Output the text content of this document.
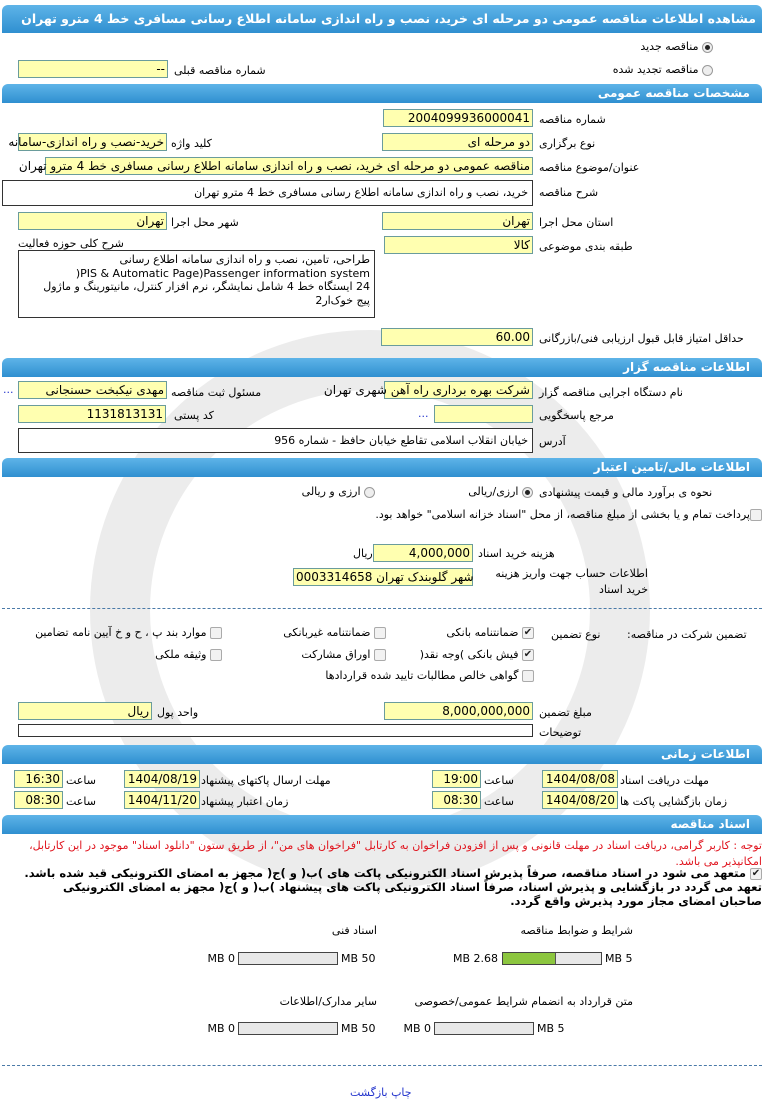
مشاهده اطلاعات مناقصه عمومی دو مرحله ای خرید، نصب و راه اندازی سامانه اطلاع رسانی مسافری خط 4 مترو تهران
مناقصه جدید
مناقصه تجدید شده
شماره مناقصه قبلی
--
مشخصات مناقصه عمومی
شماره مناقصه
2004099936000041
نوع برگزاری
دو مرحله ای
کلید واژه
خرید-نصب و راه اندازی-سامانه
عنوان/موضوع مناقصه
مناقصه عمومی دو مرحله ای خرید، نصب و راه اندازی سامانه اطلاع رسانی مسافری خط 4 مترو تهران
شرح مناقصه
خرید، نصب و راه اندازی سامانه اطلاع رسانی مسافری خط 4 مترو تهران
استان محل اجرا
تهران
شهر محل اجرا
تهران
طبقه بندی موضوعی
کالا
شرح کلی حوزه فعالیت
طراحی، تامین، نصب و راه اندازی سامانه اطلاع رسانی
PIS & Automatic Page)Passenger information system(
24 ایستگاه خط 4 شامل نمایشگر، نرم افزار کنترل، مانیتورینگ و ماژول
پیج خوک‌ار2
حداقل امتیاز قابل قبول ارزیابی فنی/بازرگانی
60.00
اطلاعات مناقصه گزار
نام دستگاه اجرایی مناقصه گزار
شرکت بهره برداری راه آهن شهری تهران
مسئول ثبت مناقصه
مهدی نیکبخت حسنجانی
...
مرجع پاسخگویی
...
کد پستی
1131813131
آدرس
خیابان انقلاب اسلامی تقاطع خیابان حافظ - شماره 956
اطلاعات مالی/تامین اعتبار
نحوه ی برآورد مالی و قیمت پیشنهادی
ارزی/ریالی
ارزی و ریالی
پرداخت تمام و یا بخشی از مبلغ مناقصه، از محل "اسناد خزانه اسلامی" خواهد بود.
هزینه خرید اسناد
4,000,000
ریال
اطلاعات حساب جهت واریز هزینه خرید اسناد
شهر گلوبندک تهران 0003314658
تضمین شرکت در مناقصه:
نوع تضمین
✔ ضمانتنامه بانکی
ضمانتنامه غیربانکی
موارد بند پ ، ح و خ آیین نامه تضامین
✔ فیش بانکی )وجه نقد(
اوراق مشارکت
وثیقه ملکی
گواهی خالص مطالبات تایید شده قراردادها
مبلغ تضمین
8,000,000,000
واحد پول
ریال
توضیحات
اطلاعات زمانی
مهلت دریافت اسناد
1404/08/08
ساعت
19:00
مهلت ارسال پاکتهای پیشنهاد
1404/08/19
ساعت
16:30
زمان بازگشایی پاکت ها
1404/08/20
ساعت
08:30
زمان اعتبار پیشنهاد
1404/11/20
ساعت
08:30
اسناد مناقصه
توجه : کاربر گرامی، دریافت اسناد در مهلت قانونی و پس از افزودن فراخوان به کارتابل "فراخوان های من"، از طریق ستون "دانلود اسناد" موجود در این کارتابل، امکانپذیر می باشد.
✔ متعهد می شود در اسناد مناقصه، صرفاً پذیرش اسناد الکترونیکی پاکت های )ب( و )ج( مجهز به امضای الکترونیکی قید شده باشد. تعهد می گردد در بازگشایی و پذیرش اسناد، صرفاً اسناد الکترونیکی پاکت های پیشنهاد )ب( و )ج( مجهز به امضای الکترونیکی صاحبان امضای مجاز مورد پذیرش واقع گردد.
شرایط و ضوابط مناقصه
5 MB
2.68 MB
اسناد فنی
50 MB
0 MB
متن قرارداد به انضمام شرایط عمومی/خصوصی
5 MB
0 MB
سایر مدارک/اطلاعات
50 MB
0 MB
چاپ بازگشت
